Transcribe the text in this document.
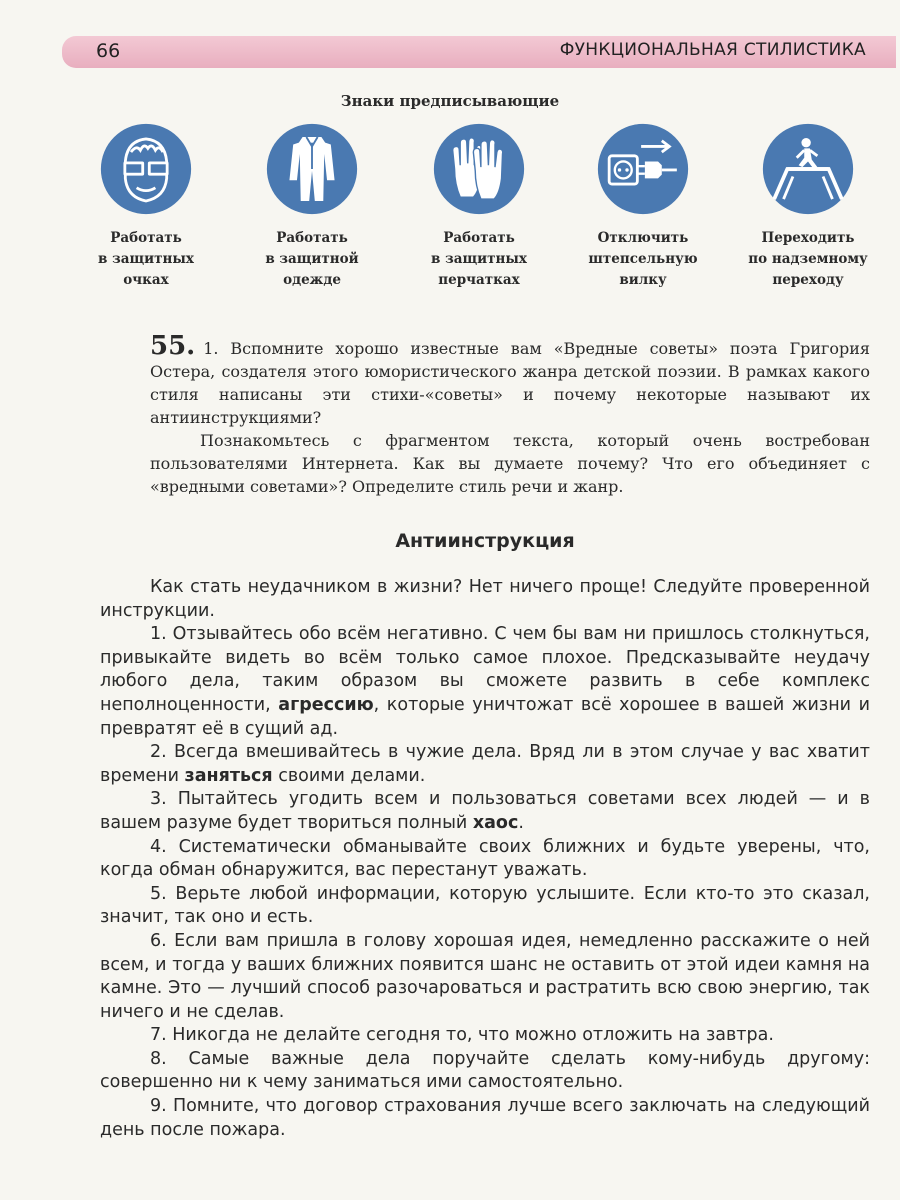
66	ФУНКЦИОНАЛЬНАЯ СТИЛИСТИКА
Знаки предписывающие
Работать
в защитных
очках
Работать
в защитной
одежде
Работать
в защитных
перчатках
Отключить
штепсельную
вилку
Переходить
по надземному
переходу

55. 1. Вспомните хорошо известные вам «Вредные советы» поэта Григория Остера, создателя этого юмористического жанра детской поэзии. В рамках какого стиля написаны эти стихи-«советы» и почему некоторые называют их антиинструкциями?

Познакомьтесь с фрагментом текста, который очень востребован пользователями Интернета. Как вы думаете почему? Что его объединяет с «вредными советами»? Определите стиль речи и жанр.

Антиинструкция

Как стать неудачником в жизни? Нет ничего проще! Следуйте проверенной инструкции.

1. Отзывайтесь обо всём негативно. С чем бы вам ни пришлось столкнуться, привыкайте видеть во всём только самое плохое. Предсказывайте неудачу любого дела, таким образом вы сможете развить в себе комплекс неполноценности, агрессию, которые уничтожат всё хорошее в вашей жизни и превратят её в сущий ад.

2. Всегда вмешивайтесь в чужие дела. Вряд ли в этом случае у вас хватит времени заняться своими делами.

3. Пытайтесь угодить всем и пользоваться советами всех людей — и в вашем разуме будет твориться полный хаос.

4. Систематически обманывайте своих ближних и будьте уверены, что, когда обман обнаружится, вас перестанут уважать.

5. Верьте любой информации, которую услышите. Если кто-то это сказал, значит, так оно и есть.

6. Если вам пришла в голову хорошая идея, немедленно расскажите о ней всем, и тогда у ваших ближних появится шанс не оставить от этой идеи камня на камне. Это — лучший способ разочароваться и растратить всю свою энергию, так ничего и не сделав.

7. Никогда не делайте сегодня то, что можно отложить на завтра.

8. Самые важные дела поручайте сделать кому-нибудь другому: совершенно ни к чему заниматься ими самостоятельно.

9. Помните, что договор страхования лучше всего заключать на следующий день после пожара.
